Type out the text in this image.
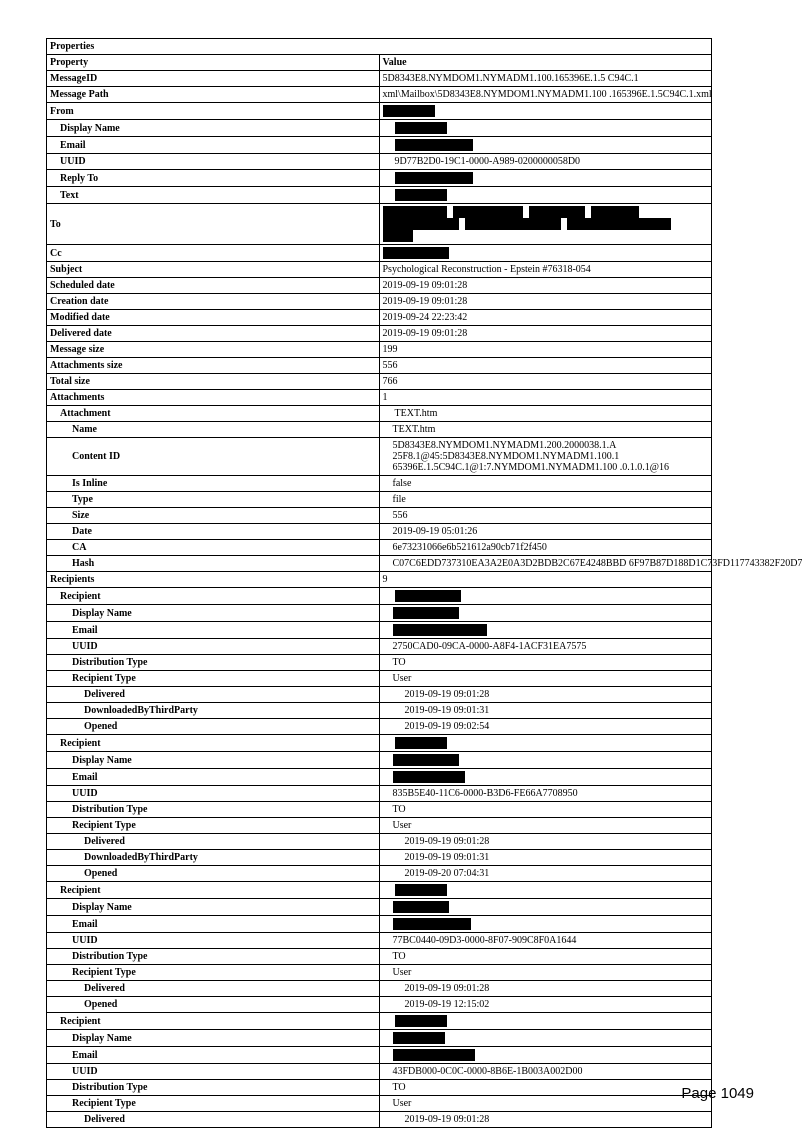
Properties	
Property	Value
MessageID	5D8343E8.NYMDOM1.NYMADM1.100.165396E.1.5 C94C.1
Message Path	xml\Mailbox\5D8343E8.NYMDOM1.NYMADM1.100 .165396E.1.5C94C.1.xml
From	
Display Name	
Email	
UUID	9D77B2D0-19C1-0000-A989-0200000058D0
Reply To	
Text	
To	
Cc	
Subject	Psychological Reconstruction - Epstein #76318-054
Scheduled date	2019-09-19 09:01:28
Creation date	2019-09-19 09:01:28
Modified date	2019-09-24 22:23:42
Delivered date	2019-09-19 09:01:28
Message size	199
Attachments size	556
Total size	766
Attachments	1
Attachment	TEXT.htm
Name	TEXT.htm
Content ID	5D8343E8.NYMDOM1.NYMADM1.200.2000038.1.A
25F8.1@45:5D8343E8.NYMDOM1.NYMADM1.100.1
65396E.1.5C94C.1@1:7.NYMDOM1.NYMADM1.100 .0.1.0.1@16

Is Inline	false
Type	file
Size	556
Date	2019-09-19 05:01:26
CA	6e73231066e6b521612a90cb71f2f450
Hash	C07C6EDD737310EA3A2E0A3D2BDB2C67E4248BBD 6F97B87D188D1C73FD117743382F20D7
Recipients	9
Recipient	
Display Name	
Email	
UUID	2750CAD0-09CA-0000-A8F4-1ACF31EA7575
Distribution Type	TO
Recipient Type	User
Delivered	2019-09-19 09:01:28
DownloadedByThirdParty	2019-09-19 09:01:31
Opened	2019-09-19 09:02:54
Recipient	
Display Name	
Email	
UUID	835B5E40-11C6-0000-B3D6-FE66A7708950
Distribution Type	TO
Recipient Type	User
Delivered	2019-09-19 09:01:28
DownloadedByThirdParty	2019-09-19 09:01:31
Opened	2019-09-20 07:04:31
Recipient	
Display Name	
Email	
UUID	77BC0440-09D3-0000-8F07-909C8F0A1644
Distribution Type	TO
Recipient Type	User
Delivered	2019-09-19 09:01:28
Opened	2019-09-19 12:15:02
Recipient	
Display Name	
Email	
UUID	43FDB000-0C0C-0000-8B6E-1B003A002D00
Distribution Type	TO
Recipient Type	User
Delivered	2019-09-19 09:01:28
Page 1049
